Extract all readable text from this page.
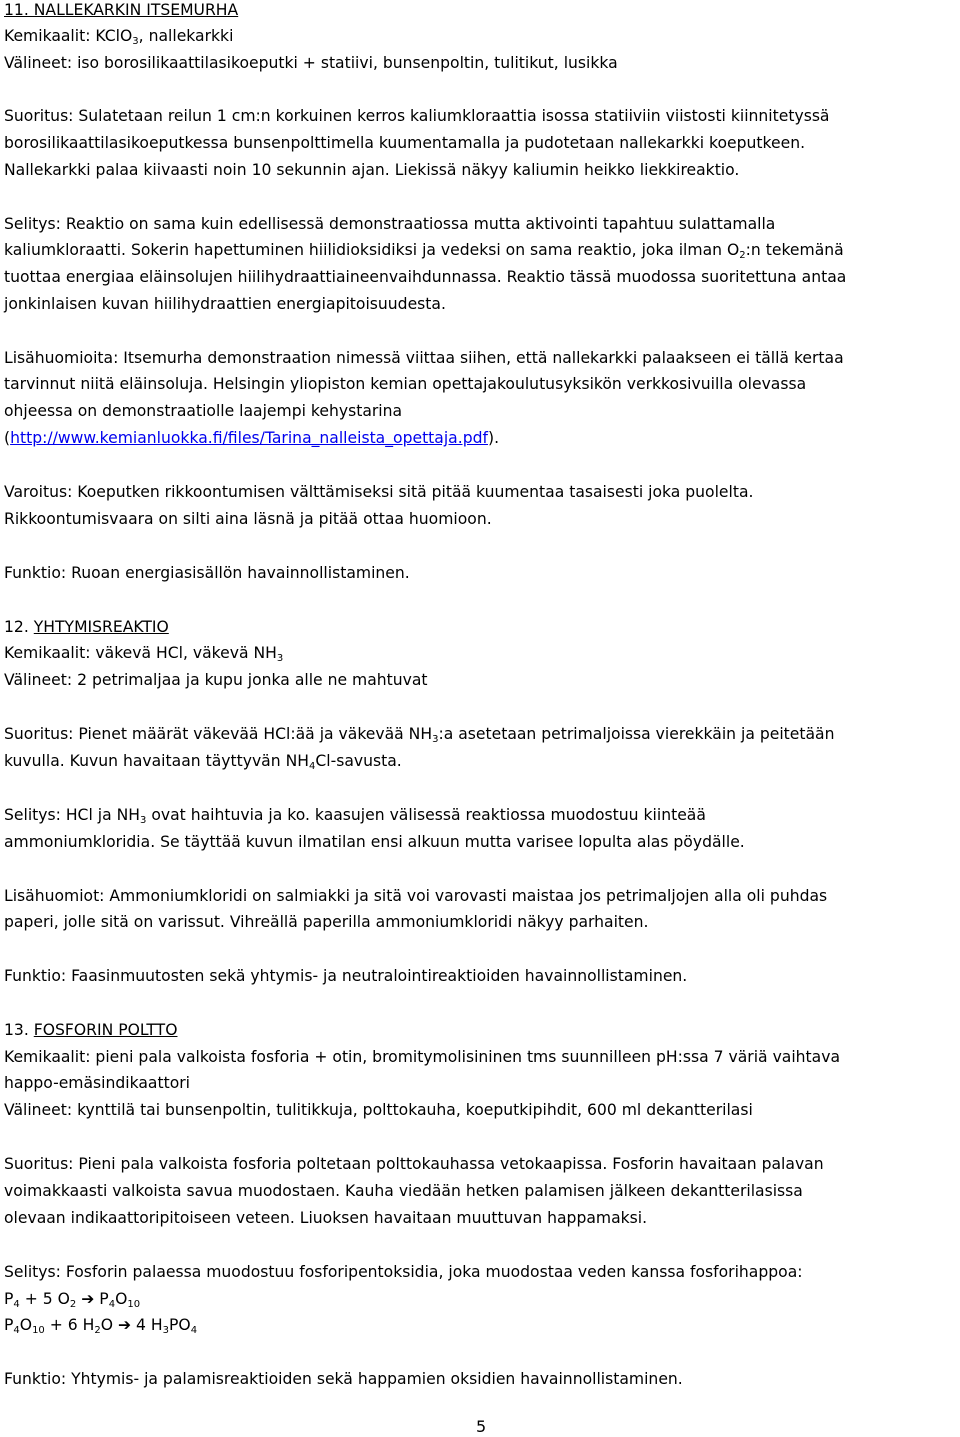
11. NALLEKARKIN ITSEMURHA
Kemikaalit: KClO$_3$, nallekarkki
Välineet: iso borosilikaattilasikoeputki + statiivi, bunsenpoltin, tulitikut, lusikka
Suoritus: Sulatetaan reilun 1 cm:n korkuinen kerros kaliumkloraattia isossa statiiviin viistosti kiinnitetyssä
borosilikaattilasikoeputkessa bunsenpolttimella kuumentamalla ja pudotetaan nallekarkki koeputkeen.
Nallekarkki palaa kiivaasti noin 10 sekunnin ajan. Liekissä näkyy kaliumin heikko liekkireaktio.
Selitys: Reaktio on sama kuin edellisessä demonstraatiossa mutta aktivointi tapahtuu sulattamalla
kaliumkloraatti. Sokerin hapettuminen hiilidioksidiksi ja vedeksi on sama reaktio, joka ilman $O_2:n$ tekemänä
tuottaa energiaa eläinsolujen hiilihydraattiaineenvaihdunnassa. Reaktio tässä muodossa suoritettuna antaa
jonkinlaisen kuvan hiilihydraattien energiapitoisuudesta.
Lisähuomioita: Itsemurha demonstraation nimessä viittaa siihen, että nallekarkki palaakseen ei tällä kertaa
tarvinnut niitä eläinsoluja. Helsingin yliopiston kemian opettajakoulutusyksikön verkkosivuilla olevassa
ohjeessa on demonstraatiolle laajempi kehystarina
(http://www.kemianluokka.fi/files/Tarina_nalleista_opettaja.pdf).
Varoitus: Koeputken rikkoontumisen välttämiseksi sitä pitää kuumentaa tasaisesti joka puolelta.
Rikkoontumisvaara on silti aina läsnä ja pitää ottaa huomioon.
Funktio: Ruoan energiasisällön havainnollistaminen.
12. YHTYMISREAKTIO
Kemikaalit: väkevä HCl, väkevä $NH_3$
Välineet: 2 petrimaljaa ja kupu jonka alle ne mahtuvat
Suoritus: Pienet määrät väkevää HCl:ää ja väkevää $NH_3:a$ asetetaan petrimaljoissa vierekkäin ja peitetään
kuvulla. Kuvun havaitaan täyttyvän $NH_4Cl$-savusta.
Selitys: HCl ja $NH_3$ ovat haihtuvia ja ko. kaasujen välisessä reaktiossa muodostuu kiinteää
ammoniumkloridia. Se täyttää kuvun ilmatilan ensi alkuun mutta varisee lopulta alas pöydälle.
Lisähuomiot: Ammoniumkloridi on salmiakki ja sitä voi varovasti maistaa jos petrimaljojen alla oli puhdas
paperi, jolle sitä on varissut. Vihreällä paperilla ammoniumkloridi näkyy parhaiten.
Funktio: Faasinmuutosten sekä yhtymis- ja neutralointireaktioiden havainnollistaminen.
13. FOSFORIN POLTTO
Kemikaalit: pieni pala valkoista fosforia + otin, bromitymolisininen tms suunnilleen pH:ssa 7 väriä vaihtava
happo-emäsindikaattori
Välineet: kynttilä tai bunsenpoltin, tulitikkuja, polttokauha, koeputkipihdit, 600 ml dekantterilasi
Suoritus: Pieni pala valkoista fosforia poltetaan polttokauhassa vetokaapissa. Fosforin havaitaan palavan
voimakkaasti valkoista savua muodostaen. Kauha viedään hetken palamisen jälkeen dekantterilasissa
olevaan indikaattoripitoiseen veteen. Liuoksen havaitaan muuttuvan happamaksi.
Selitys: Fosforin palaessa muodostuu fosforipentoksidia, joka muodostaa veden kanssa fosforihappoa:
$P_4 + 5$ $O_2$ ➔ $P_4O_{10}$
$P_4O_{10} + 6$ $H_2O$ ➔ 4 $H_3PO_4$
Funktio: Yhtymis- ja palamisreaktioiden sekä happamien oksidien havainnollistaminen.
5
